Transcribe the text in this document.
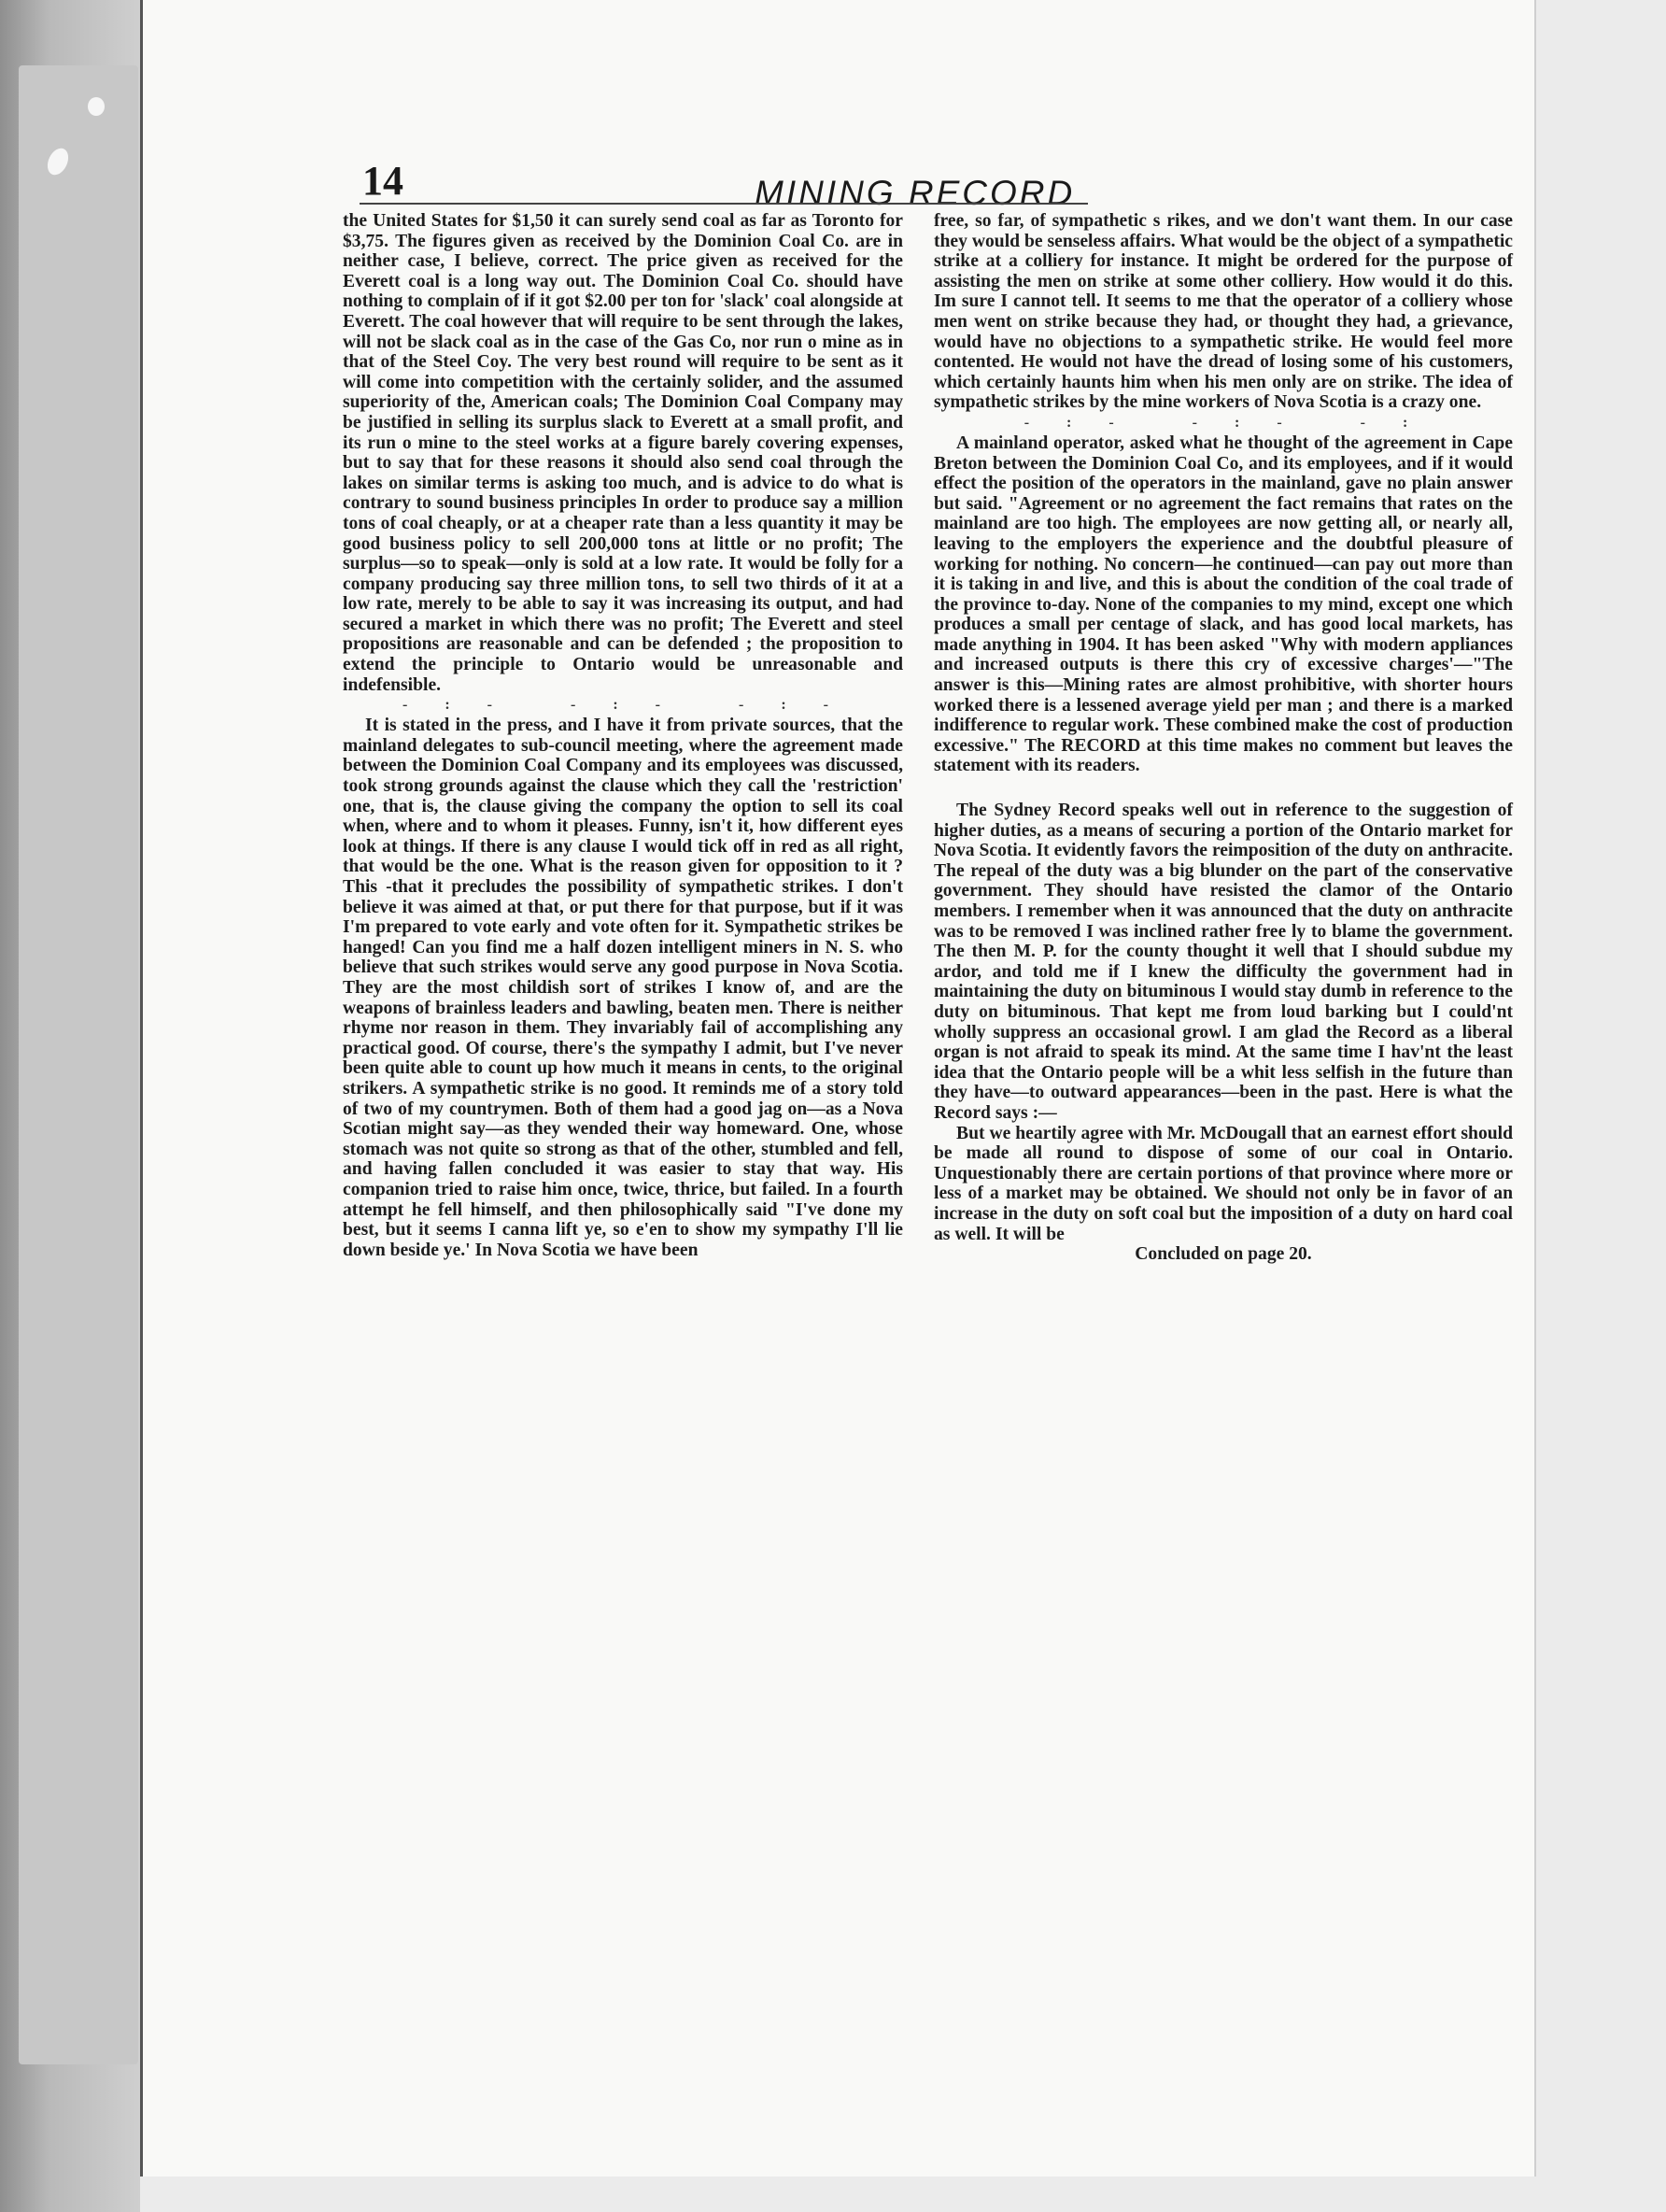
14	MINING RECORD

the United States for $1,50 it can surely send coal as far as Toronto for $3,75. The figures given as received by the Dominion Coal Co. are in neither case, I believe, correct. The price given as received for the Everett coal is a long way out. The Dominion Coal Co. should have nothing to complain of if it got $2.00 per ton for 'slack' coal alongside at Everett. The coal however that will require to be sent through the lakes, will not be slack coal as in the case of the Gas Co, nor run o mine as in that of the Steel Coy. The very best round will require to be sent as it will come into competition with the certainly solider, and the assumed superiority of the, American coals; The Dominion Coal Company may be justified in selling its surplus slack to Everett at a small profit, and its run o mine to the steel works at a figure barely covering expenses, but to say that for these reasons it should also send coal through the lakes on similar terms is asking too much, and is advice to do what is contrary to sound business principles In order to produce say a million tons of coal cheaply, or at a cheaper rate than a less quantity it may be good business policy to sell 200,000 tons at little or no profit; The surplus—so to speak—only is sold at a low rate. It would be folly for a company producing say three million tons, to sell two thirds of it at a low rate, merely to be able to say it was increasing its output, and had secured a market in which there was no profit; The Everett and steel propositions are reasonable and can be defended ; the proposition to extend the principle to Ontario would be unreasonable and indefensible.

-:- -:- -:-

It is stated in the press, and I have it from private sources, that the mainland delegates to sub-council meeting, where the agreement made between the Dominion Coal Company and its employees was discussed, took strong grounds against the clause which they call the 'restriction' one, that is, the clause giving the company the option to sell its coal when, where and to whom it pleases. Funny, isn't it, how different eyes look at things. If there is any clause I would tick off in red as all right, that would be the one. What is the reason given for opposition to it ? This -that it precludes the possibility of sympathetic strikes. I don't believe it was aimed at that, or put there for that purpose, but if it was I'm prepared to vote early and vote often for it. Sympathetic strikes be hanged! Can you find me a half dozen intelligent miners in N. S. who believe that such strikes would serve any good purpose in Nova Scotia. They are the most childish sort of strikes I know of, and are the weapons of brainless leaders and bawling, beaten men. There is neither rhyme nor reason in them. They invariably fail of accomplishing any practical good. Of course, there's the sympathy I admit, but I've never been quite able to count up how much it means in cents, to the original strikers. A sympathetic strike is no good. It reminds me of a story told of two of my countrymen. Both of them had a good jag on—as a Nova Scotian might say—as they wended their way homeward. One, whose stomach was not quite so strong as that of the other, stumbled and fell, and having fallen concluded it was easier to stay that way. His companion tried to raise him once, twice, thrice, but failed. In a fourth attempt he fell himself, and then philosophically said "I've done my best, but it seems I canna lift ye, so e'en to show my sympathy I'll lie down beside ye.' In Nova Scotia we have been

free, so far, of sympathetic s rikes, and we don't want them. In our case they would be senseless affairs. What would be the object of a sympathetic strike at a colliery for instance. It might be ordered for the purpose of assisting the men on strike at some other colliery. How would it do this. Im sure I cannot tell. It seems to me that the operator of a colliery whose men went on strike because they had, or thought they had, a grievance, would have no objections to a sympathetic strike. He would feel more contented. He would not have the dread of losing some of his customers, which certainly haunts him when his men only are on strike. The idea of sympathetic strikes by the mine workers of Nova Scotia is a crazy one.

-:- -:- -:

A mainland operator, asked what he thought of the agreement in Cape Breton between the Dominion Coal Co, and its employees, and if it would effect the position of the operators in the mainland, gave no plain answer but said. "Agreement or no agreement the fact remains that rates on the mainland are too high. The employees are now getting all, or nearly all, leaving to the employers the experience and the doubtful pleasure of working for nothing. No concern—he continued—can pay out more than it is taking in and live, and this is about the condition of the coal trade of the province to-day. None of the companies to my mind, except one which produces a small per centage of slack, and has good local markets, has made anything in 1904. It has been asked "Why with modern appliances and increased outputs is there this cry of excessive charges'—"The answer is this—Mining rates are almost prohibitive, with shorter hours worked there is a lessened average yield per man ; and there is a marked indifference to regular work. These combined make the cost of production excessive." The RECORD at this time makes no comment but leaves the statement with its readers.

The Sydney Record speaks well out in reference to the suggestion of higher duties, as a means of securing a portion of the Ontario market for Nova Scotia. It evidently favors the reimposition of the duty on anthracite. The repeal of the duty was a big blunder on the part of the conservative government. They should have resisted the clamor of the Ontario members. I remember when it was announced that the duty on anthracite was to be removed I was inclined rather free ly to blame the government. The then M. P. for the county thought it well that I should subdue my ardor, and told me if I knew the difficulty the government had in maintaining the duty on bituminous I would stay dumb in reference to the duty on bituminous. That kept me from loud barking but I could'nt wholly suppress an occasional growl. I am glad the Record as a liberal organ is not afraid to speak its mind. At the same time I hav'nt the least idea that the Ontario people will be a whit less selfish in the future than they have—to outward appearances—been in the past. Here is what the Record says :—

But we heartily agree with Mr. McDougall that an earnest effort should be made all round to dispose of some of our coal in Ontario. Unquestionably there are certain portions of that province where more or less of a market may be obtained. We should not only be in favor of an increase in the duty on soft coal but the imposition of a duty on hard coal as well. It will be

Concluded on page 20.
